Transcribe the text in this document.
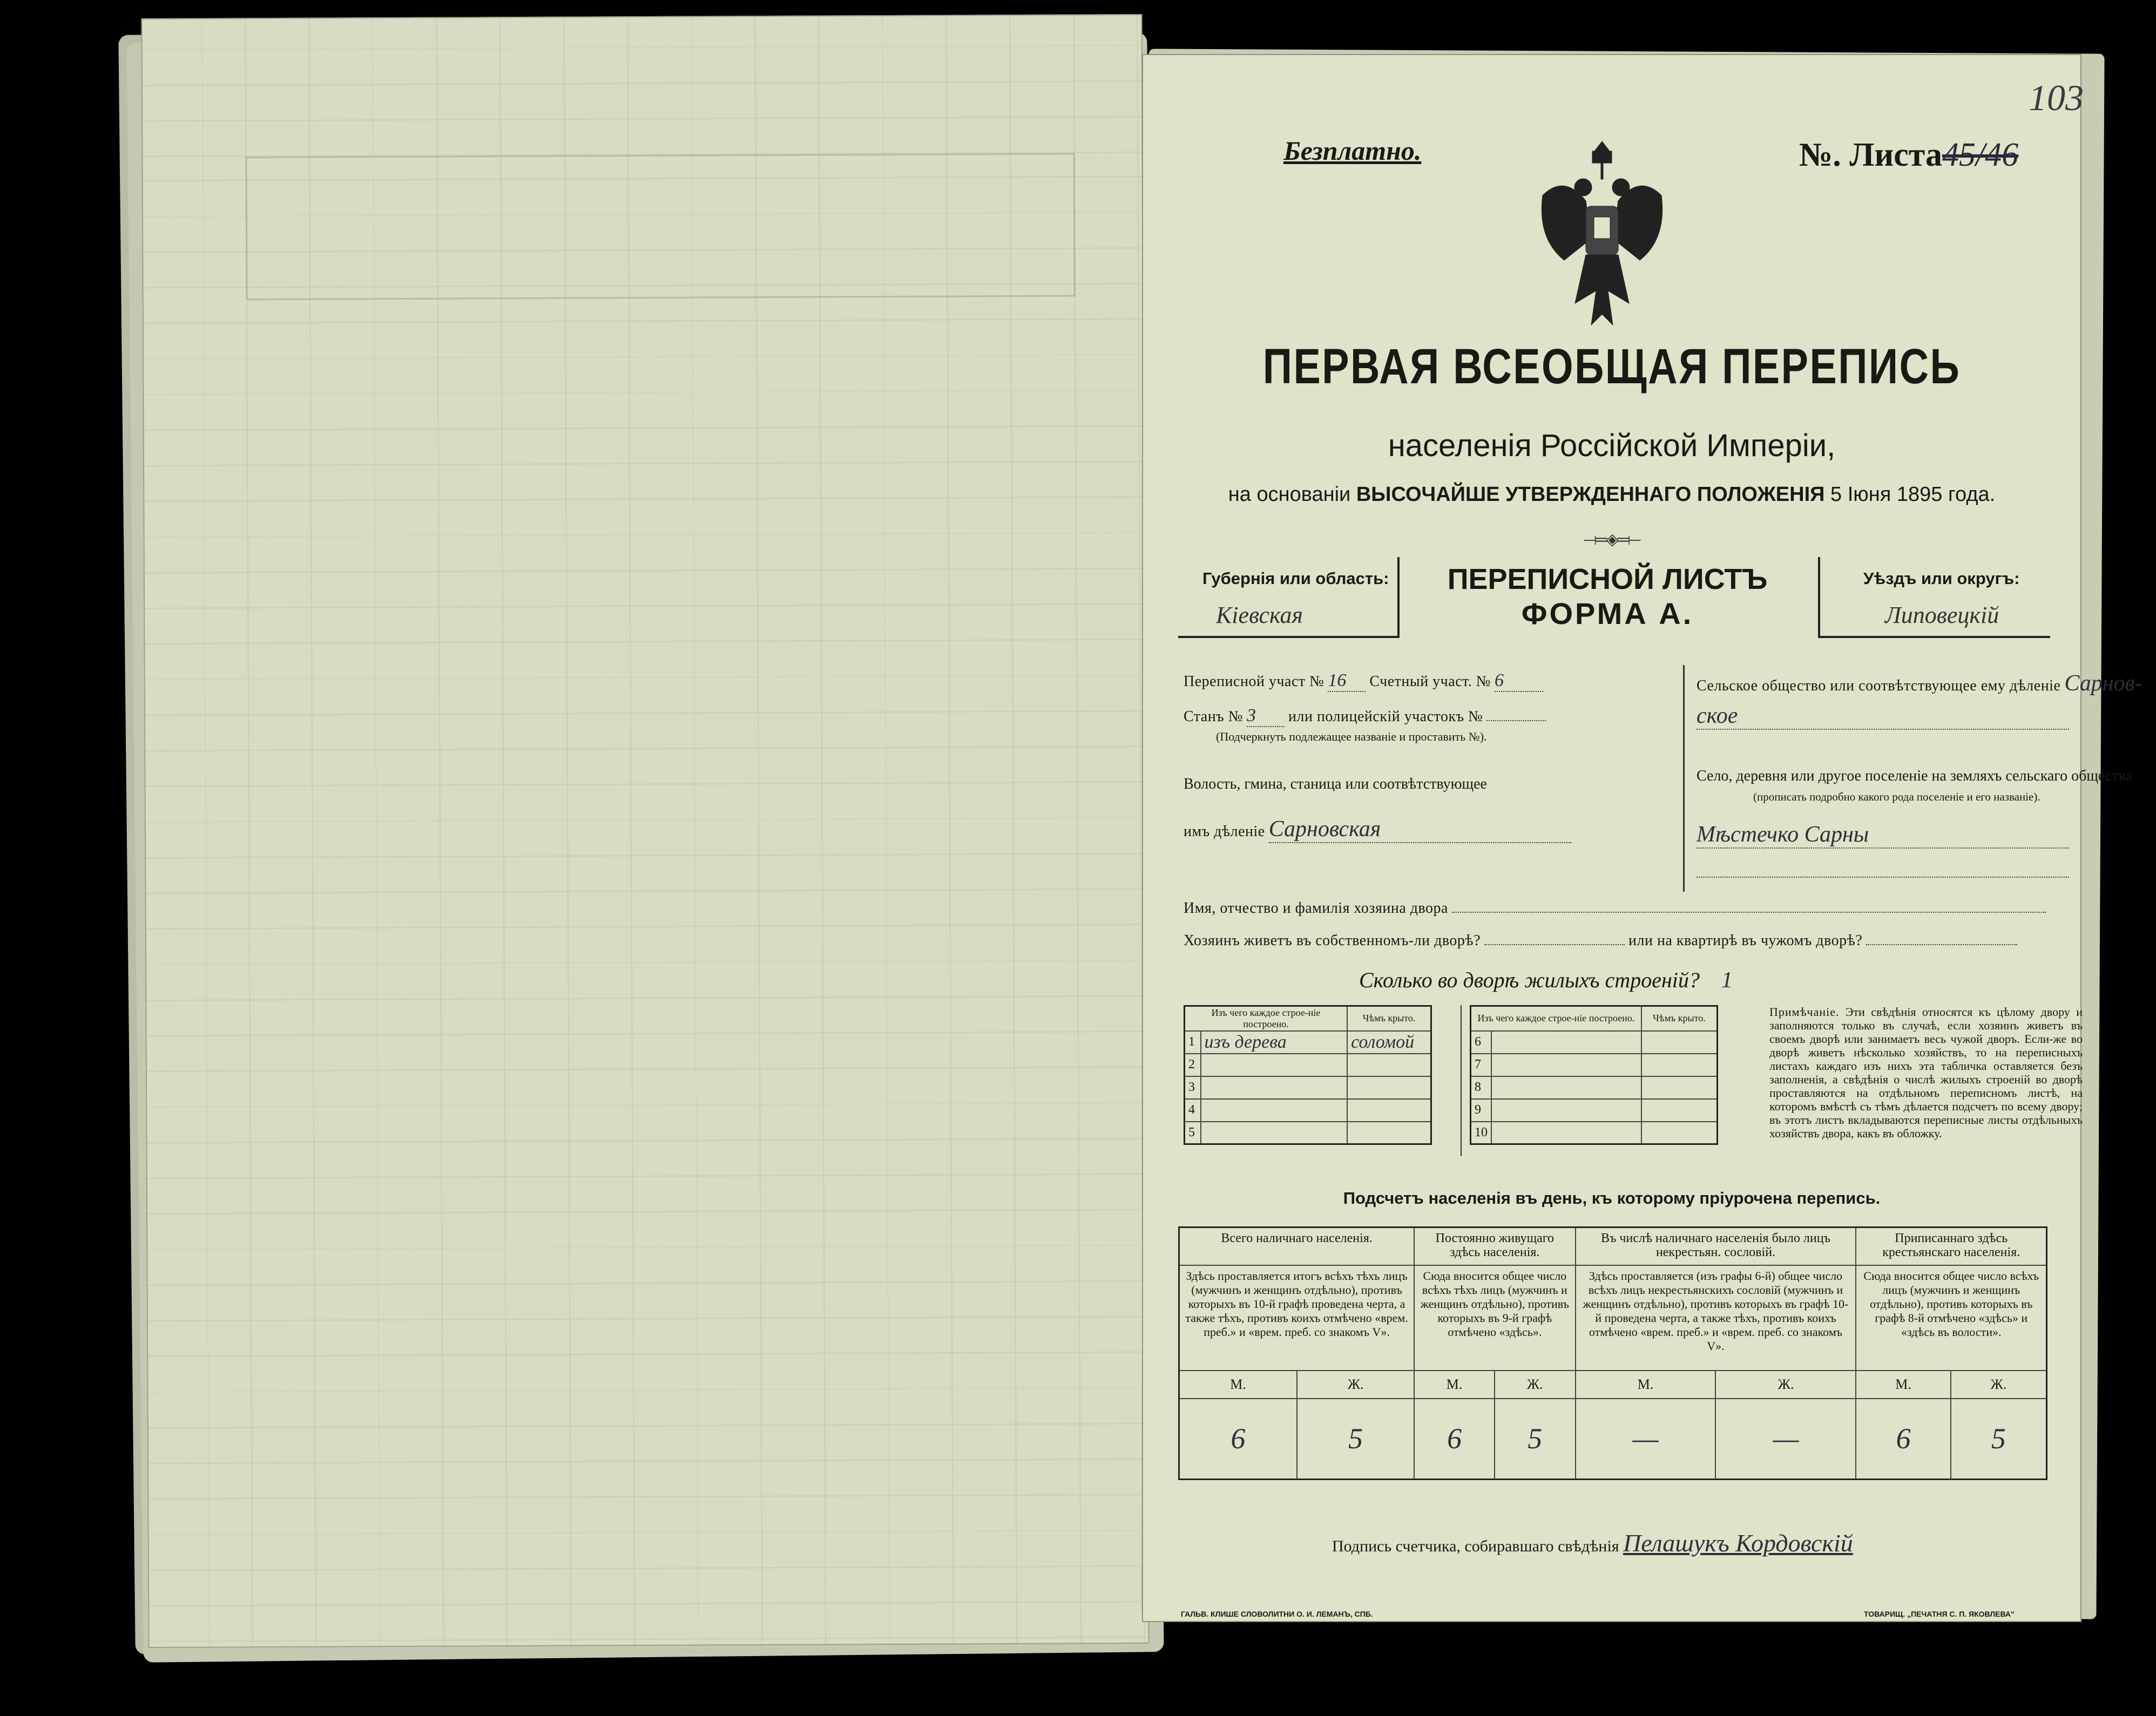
Безплатно.	№. Листа45/46
103
ПЕРВАЯ ВСЕОБЩАЯ ПЕРЕПИСЬ
населенія Россійской Имперіи,
на основаніи ВЫСОЧАЙШЕ УТВЕРЖДЕННАГО ПОЛОЖЕНІЯ 5 Іюня 1895 года.
⟞═◈═⟝
Губернія или область:
Кіевская
ПЕРЕПИСНОЙ ЛИСТЪ
ФОРМА А.
Уѣздъ или округъ:
Липовецкій
Переписной участ № 16 Счетный участ. № 6
Станъ № 3 или полицейскій участокъ №
(Подчеркнуть подлежащее названіе и проставить №).
Волость, гмина, станица или соотвѣтствующее
имъ дѣленіе Сарновская
Сельское общество или соотвѣтствующее ему дѣленіе Сарнов-
ское
Село, деревня или другое поселеніе на земляхъ сельскаго общества
(прописать подробно какого рода поселеніе и его названіе).
Мѣстечко Сарны
Имя, отчество и фамилія хозяина двора
Хозяинъ живетъ въ собственномъ-ли дворѣ?	или на квартирѣ въ чужомъ дворѣ?
Сколько во дворѣ жилыхъ строеній? 1
Изъ чего каждое строе-ніе построено.		Чѣмъ крыто.
1	изъ дерева	соломой
2		
3		
4		
5		
Изъ чего каждое строе-ніе построено.		Чѣмъ крыто.
6		
7		
8		
9		
10		
Примѣчаніе. Эти свѣдѣнія относятся къ цѣлому двору и заполняются только въ случаѣ, если хозяинъ живетъ въ своемъ дворѣ или занимаетъ весь чужой дворъ. Если-же во дворѣ живетъ нѣсколько хозяйствъ, то на переписныхъ листахъ каждаго изъ нихъ эта табличка оставляется безъ заполненія, а свѣдѣнія о числѣ жилыхъ строеній во дворѣ проставляются на отдѣльномъ переписномъ листѣ, на которомъ вмѣстѣ съ тѣмъ дѣлается подсчетъ по всему двору; въ этотъ листъ вкладываются переписные листы отдѣльныхъ хозяйствъ двора, какъ въ обложку.
Подсчетъ населенія въ день, къ которому пріурочена перепись.
Всего наличнаго населенія.		Постоянно живущаго здѣсь населенія.		Въ числѣ наличнаго населенія было лицъ некрестьян. сословій.		Приписаннаго здѣсь крестьянскаго населенія.	
Здѣсь проставляется итогъ всѣхъ тѣхъ лицъ (мужчинъ и женщинъ отдѣльно), противъ которыхъ въ 10-й графѣ проведена черта, а также тѣхъ, противъ коихъ отмѣчено «врем. преб.» и «врем. преб. со знакомъ V».		Сюда вносится общее число всѣхъ тѣхъ лицъ (мужчинъ и женщинъ отдѣльно), противъ которыхъ въ 9-й графѣ отмѣчено «здѣсь».		Здѣсь проставляется (изъ графы 6-й) общее число всѣхъ лицъ некрестьянскихъ сословій (мужчинъ и женщинъ отдѣльно), противъ которыхъ въ графѣ 10-й проведена черта, а также тѣхъ, противъ коихъ отмѣчено «врем. преб.» и «врем. преб. со знакомъ V».		Сюда вносится общее число всѣхъ лицъ (мужчинъ и женщинъ отдѣльно), противъ которыхъ въ графѣ 8-й отмѣчено «здѣсь» и «здѣсь въ волости».	
М.	Ж.	М.	Ж.	М.	Ж.	М.	Ж.
6	5	6	5	—	—	6	5
Подпись счетчика, собиравшаго свѣдѣнія Пелашукъ Кордовскій
ГАЛЬВ. КЛИШЕ СЛОВОЛИТНИ О. И. ЛЕМАНЪ, СПБ.	ТОВАРИЩ. „ПЕЧАТНЯ С. П. ЯКОВЛЕВА"
